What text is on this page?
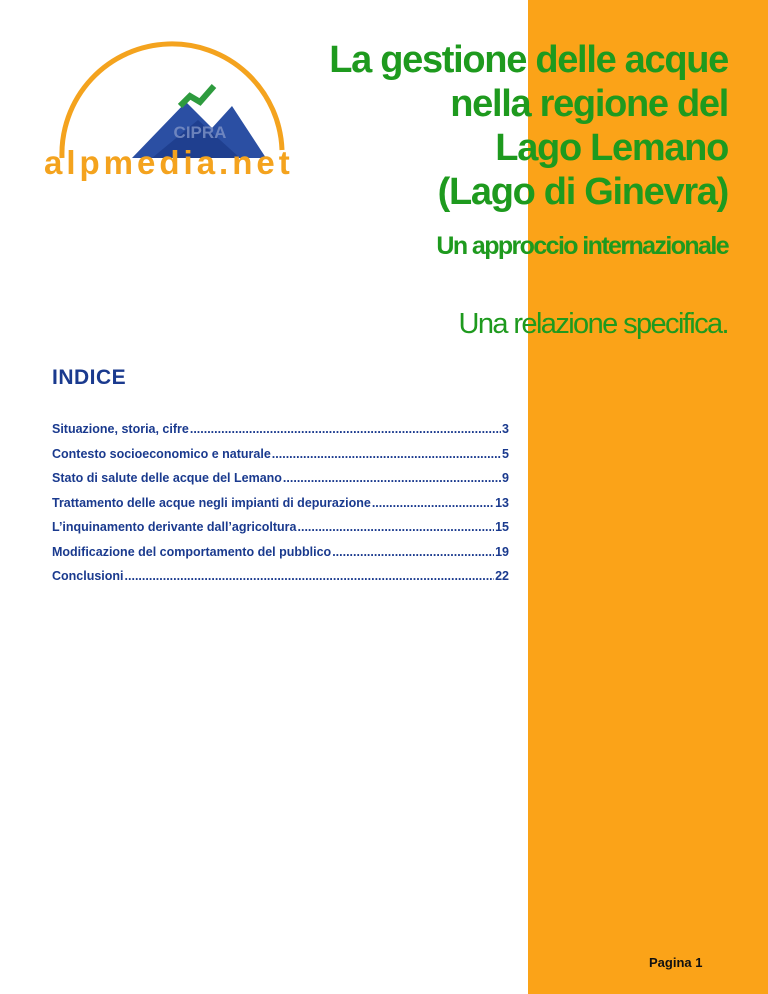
CIPRA
alpmedia.net
La gestione delle acque
nella regione del
Lago Lemano
(Lago di Ginevra)
Un approccio internazionale

Una relazione specifica.

INDICE
Situazione, storia, cifre .....	3
Contesto socioeconomico e naturale .....	5
Stato di salute delle acque del Lemano .....	9
Trattamento delle acque negli impianti di depurazione .....	13
L’inquinamento derivante dall’agricoltura .....	15
Modificazione del comportamento del pubblico .....	19
Conclusioni .....	22
Pagina 1
